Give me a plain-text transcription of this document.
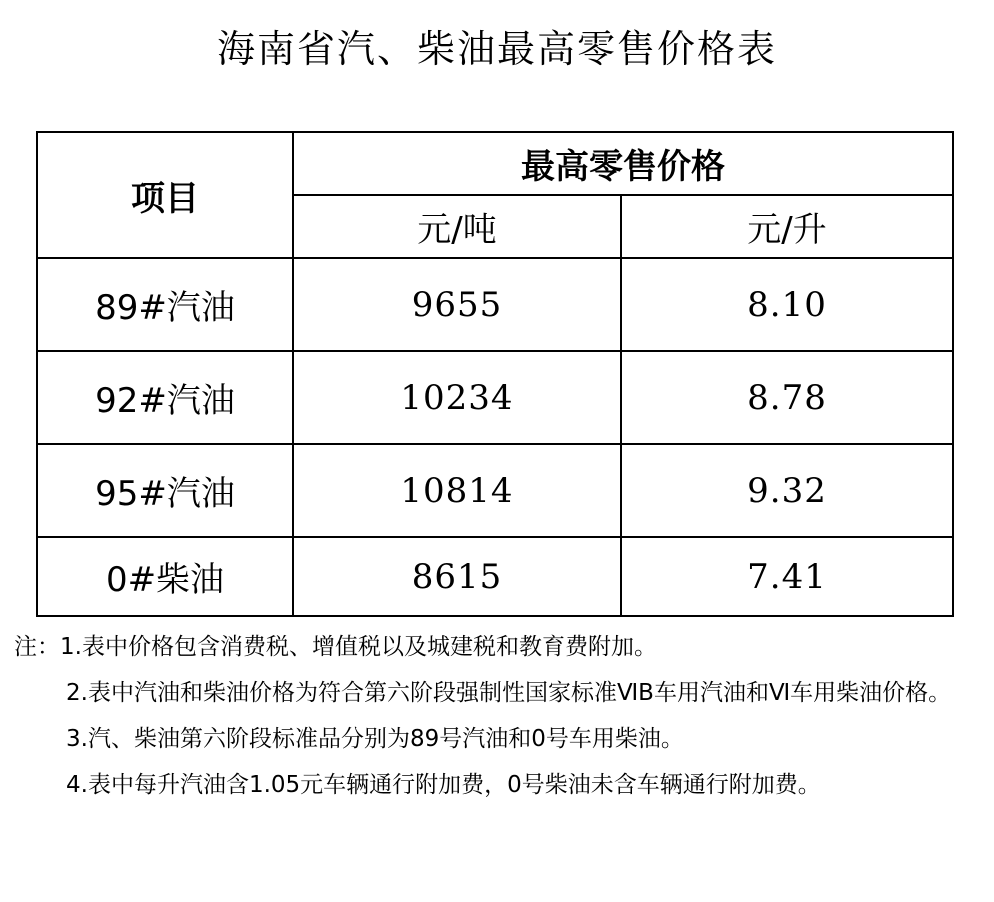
海南省汽、柴油最高零售价格表
项目	最高零售价格	
	元/吨	元/升
89#汽油	9655	8.10
92#汽油	10234	8.78
95#汽油	10814	9.32
0#柴油	8615	7.41

注：1.表中价格包含消费税、增值税以及城建税和教育费附加。

2.表中汽油和柴油价格为符合第六阶段强制性国家标准ⅥB车用汽油和Ⅵ车用柴油价格。

3.汽、柴油第六阶段标准品分别为89号汽油和0号车用柴油。

4.表中每升汽油含1.05元车辆通行附加费，0号柴油未含车辆通行附加费。
